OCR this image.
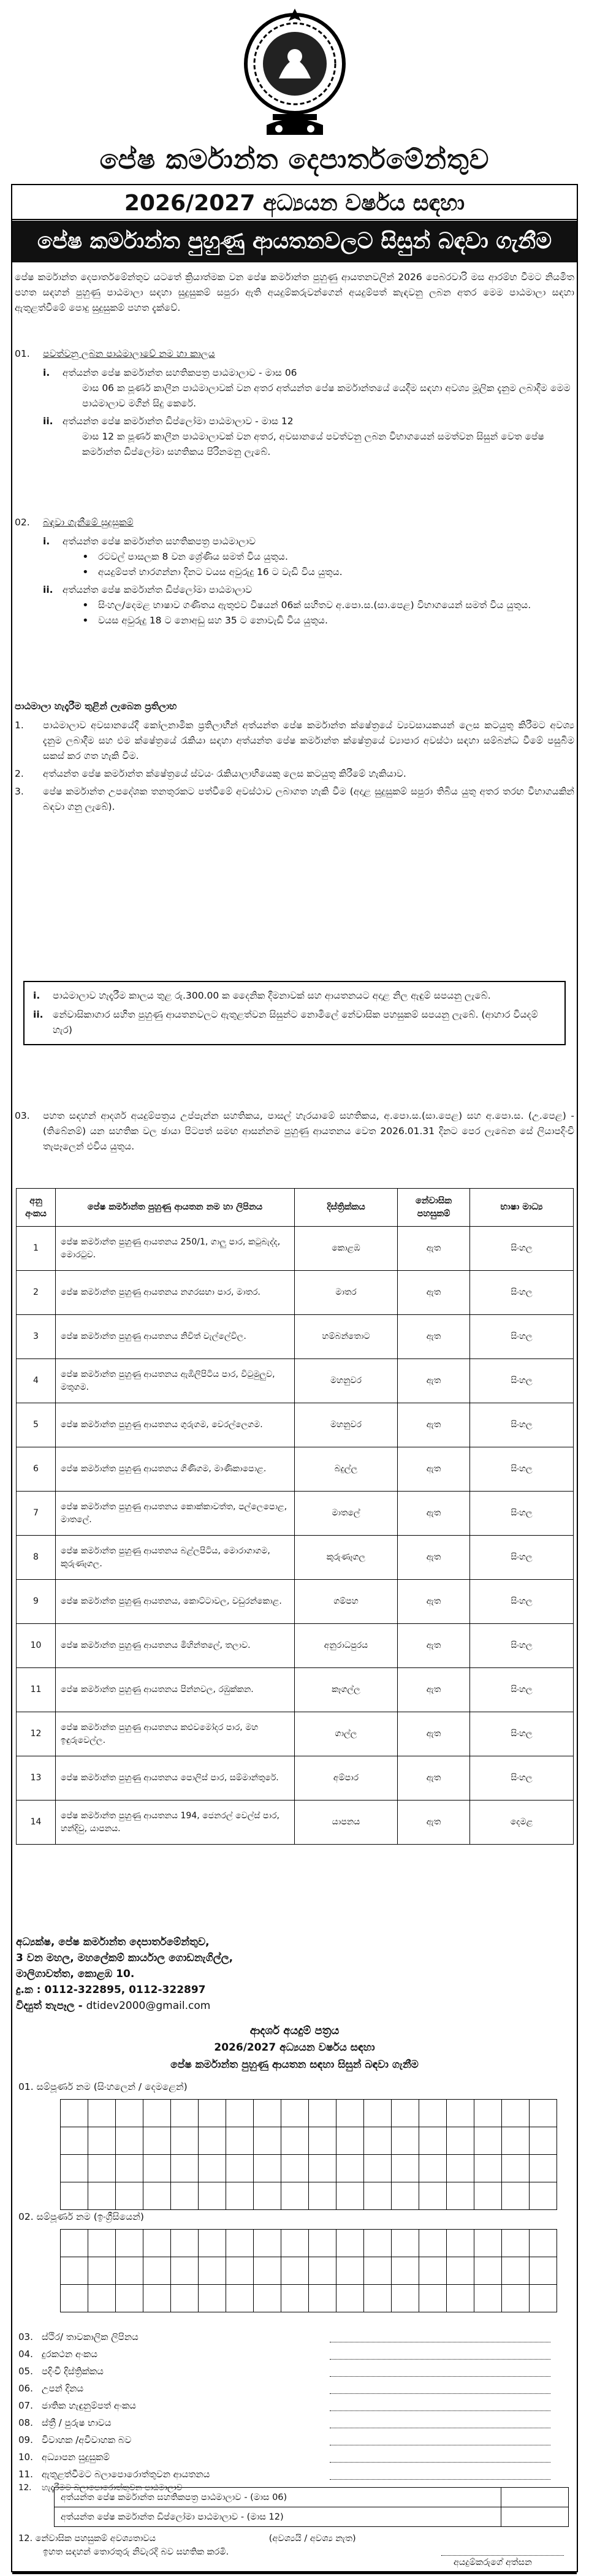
පේෂ කර්මාන්ත දෙපාර්තමේන්තුව
2026/2027 අධ්‍යයන වර්ෂය සඳහා
පේෂ කර්මාන්ත පුහුණු ආයතනවලට සිසුන් බඳවා ගැනීම
පේෂ කර්මාන්ත දෙපාර්තමේන්තුව යටතේ ක්‍රියාත්මක වන පේෂ කර්මාන්ත පුහුණු ආයතනවලින් 2026 පෙබරවාරි මස ආරම්භ වීමට නියමිත පහත සඳහන් පුහුණු පාඨමාලා සඳහා සුදුසුකම් සපුරා ඇති අයදුම්කරුවන්ගෙන් අයදුම්පත් කැඳවනු ලබන අතර මෙම පාඨමාලා සඳහා ඇතුළත්වීමේ පොදු සුදුසුකම් පහත දැක්වේ.
01.	පවත්වනු ලබන පාඨමාලාවේ නම හා කාලය
i.	අත්යන්ත පේෂ කර්මාන්ත සහතිකපත්‍ර පාඨමාලාව - මාස 06
මාස 06 ක පූර්ණ කාලීන පාඨමාලාවක් වන අතර අත්යන්ත පේෂ කර්මාන්තයේ යෙදීම සඳහා අවශ්‍ය මූලික දැනුම ලබාදීම මෙම පාඨමාලාව මගින් සිදු කෙරේ.
ii. අත්යන්ත පේෂ කර්මාන්ත ඩිප්ලෝමා පාඨමාලාව - මාස 12
මාස 12 ක පූර්ණ කාලීන පාඨමාලාවක් වන අතර, අවසානයේ පවත්වනු ලබන විභාගයෙන් සමත්වන සිසුන් වෙත පේෂ කර්මාන්ත ඩිප්ලෝමා සහතිකය පිරිනමනු ලැබේ.
02.	බඳවා ගැනීමේ සුදුසුකම්
i.	අත්යන්ත පේෂ කර්මාන්ත සහතිකපත්‍ර පාඨමාලාව
• රටවල් පාසලක 8 වන ශ්‍රේණිය සමත් විය යුතුය.
• අයදුම්පත් භාරගන්නා දිනට වයස අවුරුදු 16 ට වැඩි විය යුතුය.
ii. අත්යන්ත පේෂ කර්මාන්ත ඩිප්ලෝමා පාඨමාලාව
• සිංහල/දෙමළ භාෂාව ගණිතය ඇතුළුව විෂයන් 06ක් සහිතව අ.පො.ස.(සා.පෙළ) විභාගයෙන් සමත් විය යුතුය.
• වයස අවුරුදු 18 ට නොඅඩු සහ 35 ට නොවැඩි විය යුතුය.
පාඨමාලා හැදෑරීම තුළින් ලැබෙන ප්‍රතිලාභ
1.	පාඨමාලාව අවසානයේදී කෝලනාමික ප්‍රතිලාභීන් අත්යන්ත පේෂ කර්මාන්ත ක්ෂේත්‍රයේ ව්‍යවසායකයන් ලෙස කටයුතු කිරීමට අවශ්‍ය දැනුම ලබාදීම සහ එම ක්ෂේත්‍රයේ රැකියා සඳහා අත්යන්ත පේෂ කර්මාන්ත ක්ෂේත්‍රයේ ව්‍යාපාර අවස්ථා සඳහා සම්බන්ධ වීමේ පසුබිම සකස් කර ගත හැකි වීම.
2.	අත්යන්ත පේෂ කර්මාන්ත ක්ෂේත්‍රයේ ස්වයං රැකියාලාභියෙකු ලෙස කටයුතු කිරීමේ හැකියාව.
3.	පේෂ කර්මාන්ත උපදේශක තනතුරකට පත්වීමේ අවස්ථාව ලබාගත හැකි වීම (අදාළ සුදුසුකම් සපුරා තිබිය යුතු අතර තරඟ විභාගයකින් බඳවා ගනු ලැබේ).
i.	පාඨමාලාව හැදෑරීම කාලය තුළ රු.300.00 ක දෛනික දීමනාවක් සහ ආයතනයට අදාළ නිල ඇඳුම් සපයනු ලැබේ.
ii. නේවාසිකාගාර සහිත පුහුණු ආයතනවලට ඇතුළත්වන සිසුන්ට නොමිලේ නේවාසික පහසුකම් සපයනු ලැබේ. (ආහාර වියදම් හැර)
03.	පහත සඳහන් ආදර්ශ අයදුම්පත්‍රය උප්පැන්න සහතිකය, පාසල් හැරයාමේ සහතිකය, අ.පො.ස.(සා.පෙළ) සහ අ.පො.ස. (උ.පෙළ) - (තිබේනම්) යන සහතික වල ඡායා පිටපත් සමඟ ආසන්නම පුහුණු ආයතනය වෙත 2026.01.31 දිනට පෙර ලැබෙන සේ ලියාපදිංචි තැපෑලෙන් එවිය යුතුය.
අනු අංකය	පේෂ කර්මාන්ත පුහුණු ආයතන නම හා ලිපිනය	දිස්ත්‍රික්කය	නේවාසික පහසුකම්	භාෂා මාධ්‍ය
1	පේෂ කර්මාන්ත පුහුණු ආයතනය 250/1, ගාලු පාර, කටුබැද්ද, මොරටුව.	කොළඹ	ඇත	සිංහල
2	පේෂ කර්මාන්ත පුහුණු ආයතනය නගරසභා පාර, මාතර.	මාතර	ඇත	සිංහල
3	පේෂ කර්මාන්ත පුහුණු ආයතනය නිවිත් වැල්ලේවිල.	හම්බන්තොට	ඇත	සිංහල
4	පේෂ කර්මාන්ත පුහුණු ආයතනය ඇඹිලිපිටිය පාර, විටුමුලුව, මතුගම.	මහනුවර	ඇත	සිංහල
5	පේෂ කර්මාන්ත පුහුණු ආයතනය ගුරුගම, වෙරල්ලෙගම.	මහනුවර	ඇත	සිංහල
6	පේෂ කර්මාන්ත පුහුණු ආයතනය ගිණිගම, මාණිකාපොළ.	බදුල්ල	ඇත	සිංහල
7	පේෂ කර්මාන්ත පුහුණු ආයතනය කොක්කාවත්ත, පල්ලෙපොළ, මාතලේ.	මාතලේ	ඇත	සිංහල
8	පේෂ කර්මාන්ත පුහුණු ආයතනය බළ්ලපිටිය, මොරාගාගම, කුරුණෑගල.	කුරුණෑගල	ඇත	සිංහල
9	පේෂ කර්මාන්ත පුහුණු ආයතනය, කොට්ටාවල, වඩුරන්කොළ.	ගම්පහ	ඇත	සිංහල
10	පේෂ කර්මාන්ත පුහුණු ආයතනය මිහින්තලේ, තලාව.	අනුරාධපුරය	ඇත	සිංහල
11	පේෂ කර්මාන්ත පුහුණු ආයතනය පින්නවල, රඹුක්කන.	කෑගල්ල	ඇත	සිංහල
12	පේෂ කර්මාන්ත පුහුණු ආයතනය කළුවමෝදර පාර, මහ ඉඳුරුවෙල්ල.	ගාල්ල	ඇත	සිංහල
13	පේෂ කර්මාන්ත පුහුණු ආයතනය පොලිස් පාර, සම්මාන්තුරේ.	අම්පාර	ඇත	සිංහල
14	පේෂ කර්මාන්ත පුහුණු ආයතනය 194, ජෙනරල් වෙල්ස් පාර, හන්දිවු, යාපනය.	යාපනය	ඇත	දෙමළ
අධ්‍යක්ෂ, පේෂ කර්මාන්ත දෙපාර්තමේන්තුව,
3 වන මහල, මහලේකම් කාර්යාල ගොඩනැගිල්ල,
මාලිගාවත්ත, කොළඹ 10.
දු.ක : 0112-322895, 0112-322897
විද්‍යුත් තැපෑල - dtidev2000@gmail.com
ආදර්ශ අයදුම් පත්‍රය
2026/2027 අධ්‍යයන වර්ෂය සඳහා
පේෂ කර්මාන්ත පුහුණු ආයතන සඳහා සිසුන් බඳවා ගැනීම
01. සම්පූර්ණ නම (සිංහලෙන් / දෙමළෙන්)

02. සම්පූර්ණ නම (ඉංග්‍රීසියෙන්)

03. ස්ථිර/ තාවකාලික ලිපිනය
04. දුරකථන අංකය
05. පදිංචි දිස්ත්‍රික්කය
06. උපන් දිනය
07. ජාතික හැඳුනුම්පත් අංකය
08. ස්ත්‍රී / පුරුෂ භාවය
09. විවාහක /අවිවාහක බව
10. අධ්‍යාපන සුදුසුකම්
11. ඇතුළත්වීමට බලාපොරොත්තුවන ආයතනය
12.	හැදෑරීමට බලාපොරොත්තුවන පාඨමාලාව
අත්යන්ත පේෂ කර්මාන්ත සහතිකපත්‍ර පාඨමාලාව - (මාස 06)	
අත්යන්ත පේෂ කර්මාන්ත ඩිප්ලෝමා පාඨමාලාව - (මාස 12)	
12. නේවාසික පහසුකම් අවශ්‍යතාවය	(අවශ්‍යයි / අවශ්‍ය නැත)
ඉහත සඳහන් තොරතුරු නිවැරදි බව සහතික කරමි.
අයදුම්කරුගේ අත්සන
